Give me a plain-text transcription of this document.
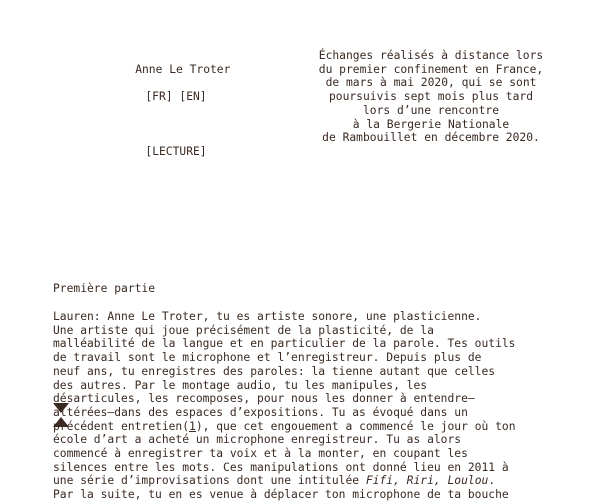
Anne Le Troter

[FR] [EN]

[LECTURE]

Échanges réalisés à distance lors
du premier confinement en France,
de mars à mai 2020, qui se sont
poursuivis sept mois plus tard
lors d’une rencontre
à la Bergerie Nationale
de Rambouillet en décembre 2020.
Première partie
Lauren: Anne Le Troter, tu es artiste sonore, une plasticienne.
Une artiste qui joue précisément de la plasticité, de la
malléabilité de la langue et en particulier de la parole. Tes outils
de travail sont le microphone et l’enregistreur. Depuis plus de
neuf ans, tu enregistres des paroles: la tienne autant que celles
des autres. Par le montage audio, tu les manipules, les
désarticules, les recomposes, pour nous les donner à entendre—
altérées—dans des espaces d’expositions. Tu as évoqué dans un
précédent entretien(1), que cet engouement a commencé le jour où ton
école d’art a acheté un microphone enregistreur. Tu as alors
commencé à enregistrer ta voix et à la monter, en coupant les
silences entre les mots. Ces manipulations ont donné lieu en 2011 à
une série d’improvisations dont une intitulée Fifi, Riri, Loulou.
Par la suite, tu en es venue à déplacer ton microphone de ta bouche
